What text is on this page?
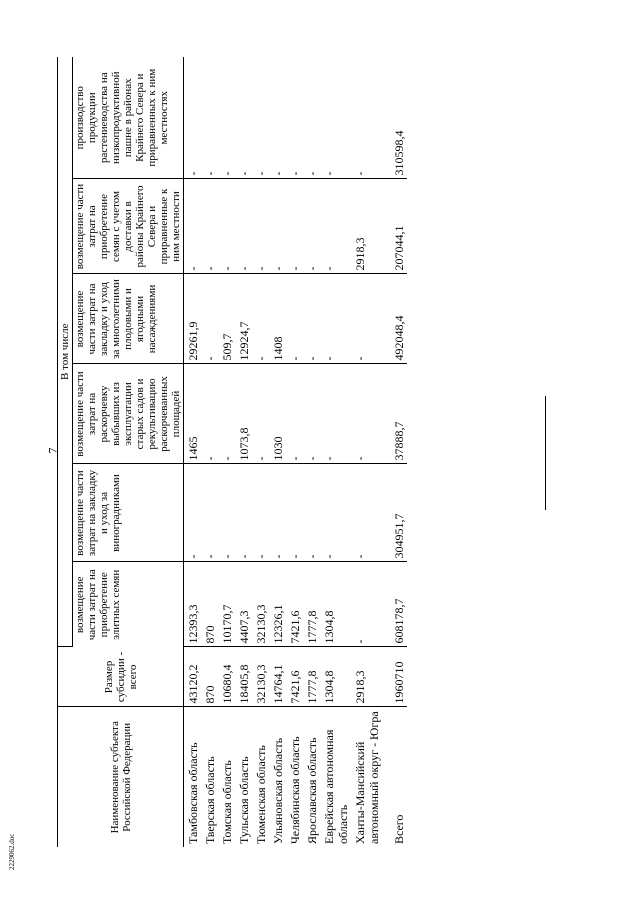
7
2229062.doc
Наименование субъекта Российской Федерации	Размер субсидии - всего	В том числе					
		возмещение части затрат на приобретение элитных семян	возмещение части затрат на закладку и уход за виноградниками	возмещение части затрат на раскорчевку выбывших из эксплуатации старых садов и рекультивацию раскорчеванных площадей	возмещение части затрат на закладку и уход за многолетними плодовыми и ягодными насаждениями	возмещение части затрат на приобретение семян с учетом доставки в районы Крайнего Севера и приравненные к ним местности	производство продукции растениеводства на низкопродуктивной пашне в районах Крайнего Севера и приравненных к ним местностях
Тамбовская область	43120,2	12393,3	-	1465	29261,9	-	-
Тверская область	870	870	-	-	-	-	-
Томская область	10680,4	10170,7	-	-	509,7	-	-
Тульская область	18405,8	4407,3	-	1073,8	12924,7	-	-
Тюменская область	32130,3	32130,3	-	-	-	-	-
Ульяновская область	14764,1	12326,1	-	1030	1408	-	-
Челябинская область	7421,6	7421,6	-	-	-	-	-
Ярославская область	1777,8	1777,8	-	-	-	-	-
Еврейская автономная область	1304,8	1304,8	-	-	-	-	-
Ханты-Мансийский автономный округ - Югра	2918,3	-	-	-	-	2918,3	-
Всего	1960710	608178,7	304951,7	37888,7	492048,4	207044,1	310598,4
